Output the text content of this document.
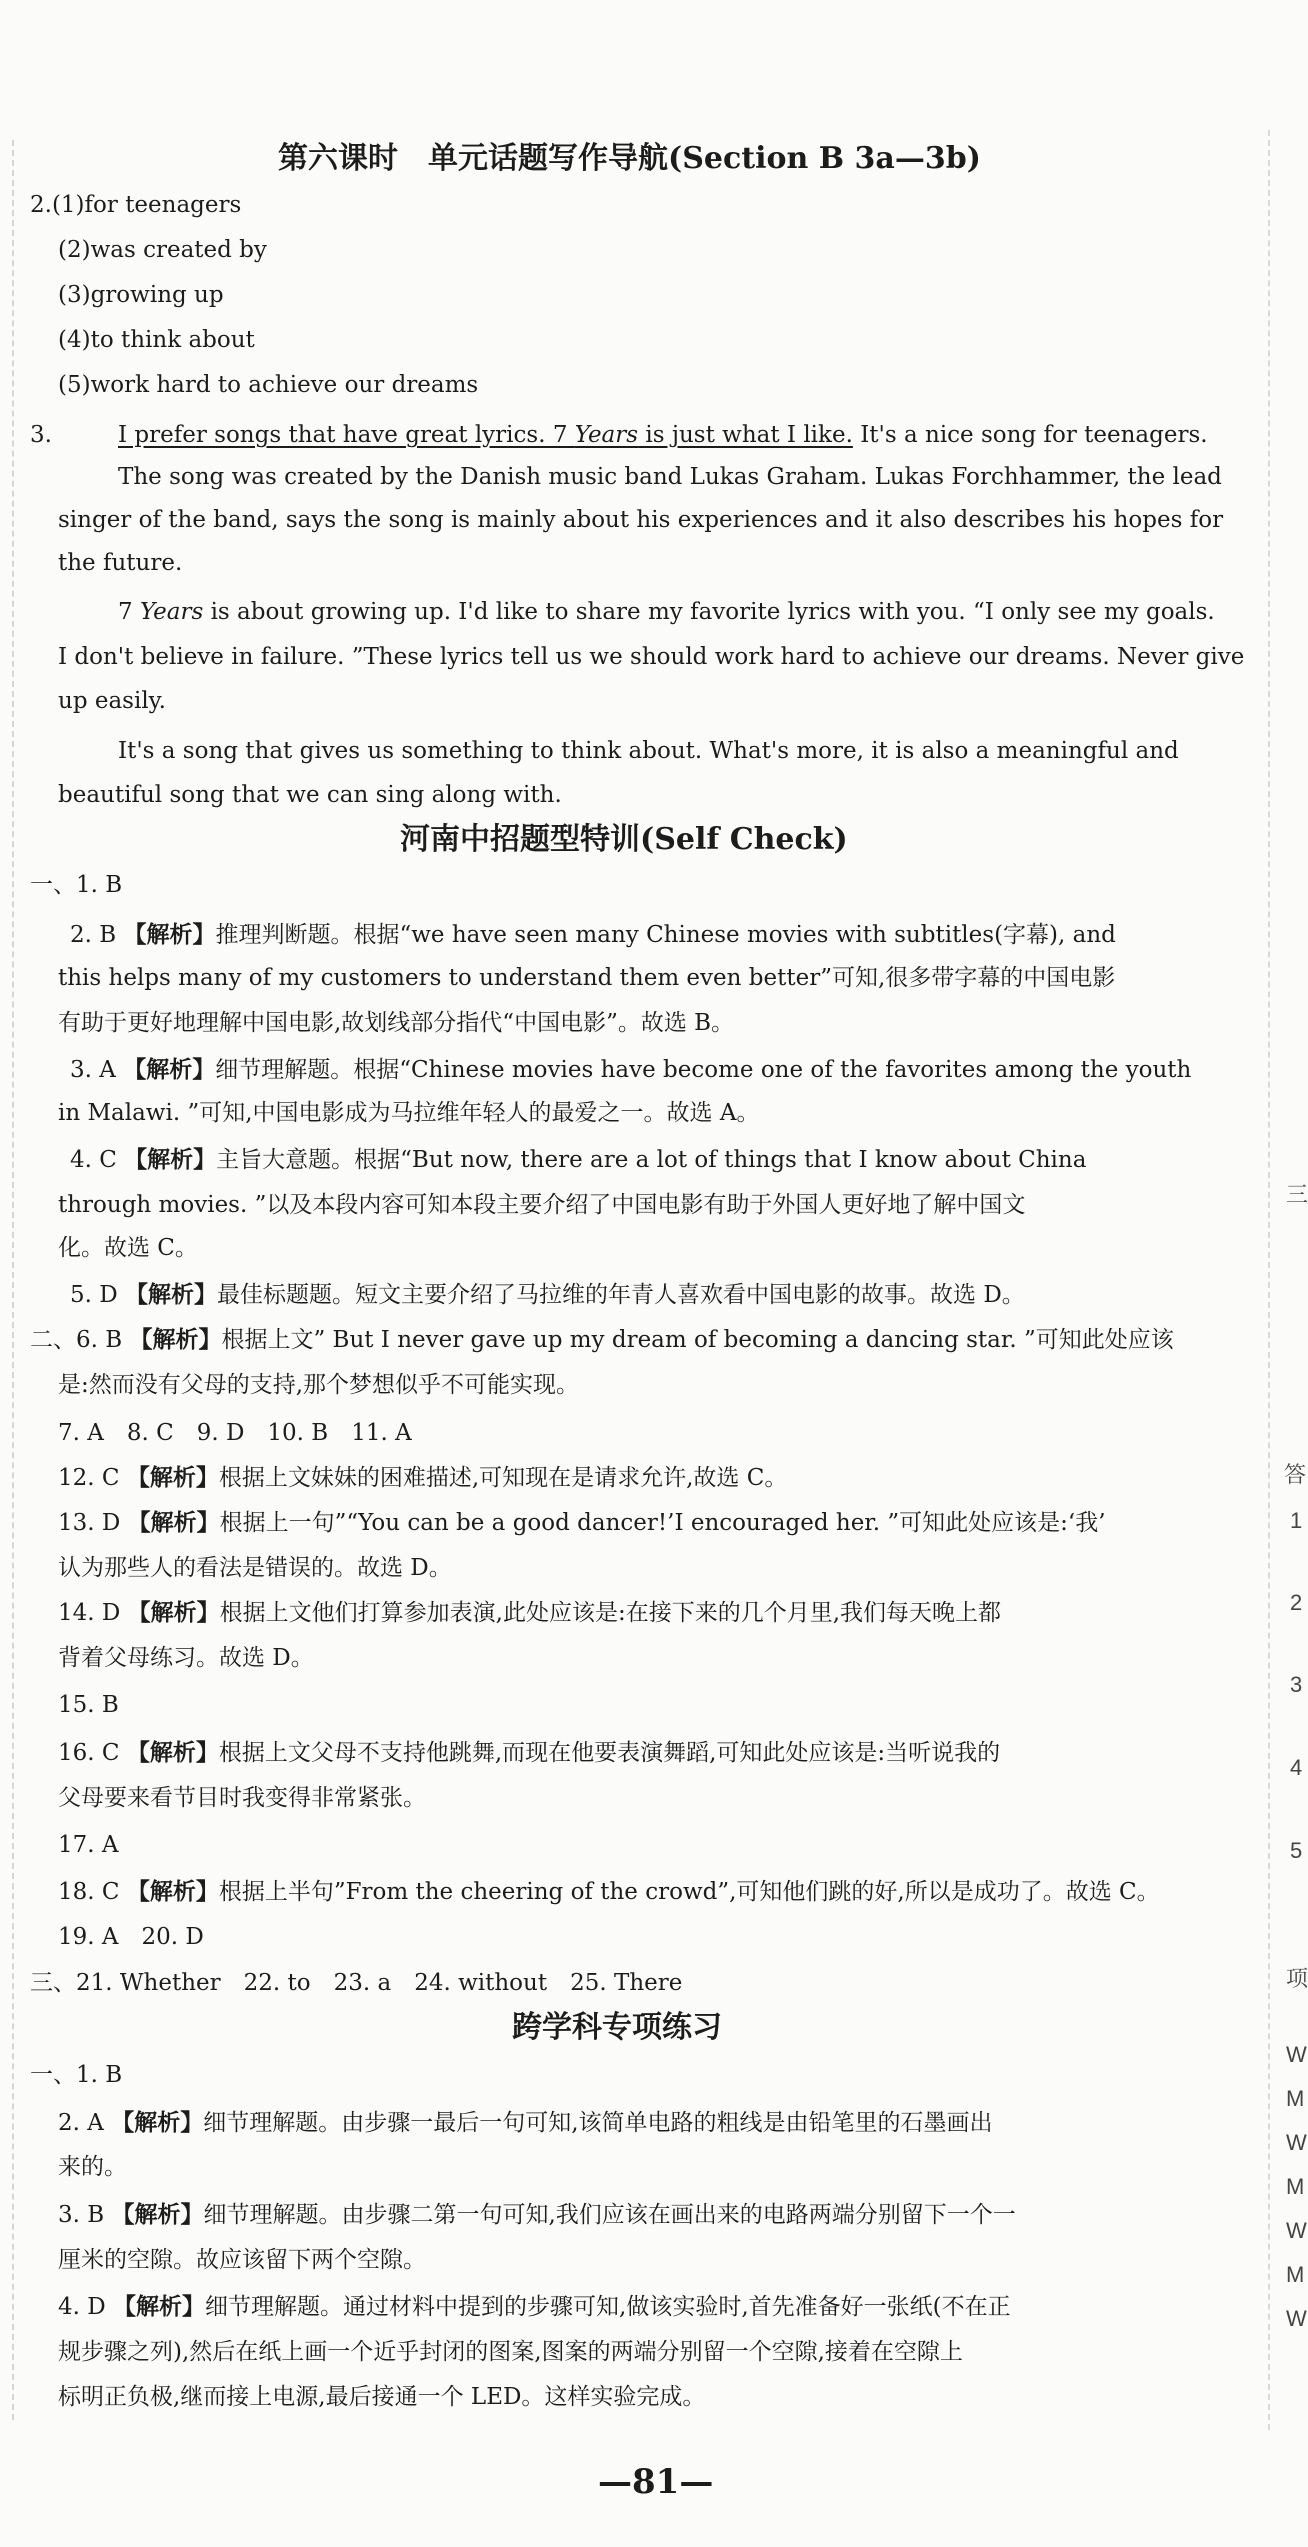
三
答
1
2
3
4
5
项
W
M
W
M
W
M
W
第六课时　单元话题写作导航(Section B 3a—3b)
2.(1)for teenagers
(2)was created by
(3)growing up
(4)to think about
(5)work hard to achieve our dreams
3.	I prefer songs that have great lyrics. 7 Years is just what I like. It's a nice song for teenagers.
The song was created by the Danish music band Lukas Graham. Lukas Forchhammer, the lead
singer of the band, says the song is mainly about his experiences and it also describes his hopes for
the future.
7 Years is about growing up. I'd like to share my favorite lyrics with you. “I only see my goals.
I don't believe in failure. ”These lyrics tell us we should work hard to achieve our dreams. Never give
up easily.
It's a song that gives us something to think about. What's more, it is also a meaningful and
beautiful song that we can sing along with.
河南中招题型特训(Self Check)
一、1. B
2. B 【解析】推理判断题。根据“we have seen many Chinese movies with subtitles(字幕), and
this helps many of my customers to understand them even better”可知,很多带字幕的中国电影
有助于更好地理解中国电影,故划线部分指代“中国电影”。故选 B。
3. A 【解析】细节理解题。根据“Chinese movies have become one of the favorites among the youth
in Malawi. ”可知,中国电影成为马拉维年轻人的最爱之一。故选 A。
4. C 【解析】主旨大意题。根据“But now, there are a lot of things that I know about China
through movies. ”以及本段内容可知本段主要介绍了中国电影有助于外国人更好地了解中国文
化。故选 C。
5. D 【解析】最佳标题题。短文主要介绍了马拉维的年青人喜欢看中国电影的故事。故选 D。
二、6. B 【解析】根据上文” But I never gave up my dream of becoming a dancing star. ”可知此处应该
是:然而没有父母的支持,那个梦想似乎不可能实现。
7. A　8. C　9. D　10. B　11. A
12. C 【解析】根据上文妹妹的困难描述,可知现在是请求允许,故选 C。
13. D 【解析】根据上一句”“You can be a good dancer!’I encouraged her. ”可知此处应该是:‘我’
认为那些人的看法是错误的。故选 D。
14. D 【解析】根据上文他们打算参加表演,此处应该是:在接下来的几个月里,我们每天晚上都
背着父母练习。故选 D。
15. B
16. C 【解析】根据上文父母不支持他跳舞,而现在他要表演舞蹈,可知此处应该是:当听说我的
父母要来看节目时我变得非常紧张。
17. A
18. C 【解析】根据上半句”From the cheering of the crowd”,可知他们跳的好,所以是成功了。故选 C。
19. A　20. D
三、21. Whether　22. to　23. a　24. without　25. There
跨学科专项练习
一、1. B
2. A 【解析】细节理解题。由步骤一最后一句可知,该简单电路的粗线是由铅笔里的石墨画出
来的。
3. B 【解析】细节理解题。由步骤二第一句可知,我们应该在画出来的电路两端分别留下一个一
厘米的空隙。故应该留下两个空隙。
4. D 【解析】细节理解题。通过材料中提到的步骤可知,做该实验时,首先准备好一张纸(不在正
规步骤之列),然后在纸上画一个近乎封闭的图案,图案的两端分别留一个空隙,接着在空隙上
标明正负极,继而接上电源,最后接通一个 LED。这样实验完成。
—81—
